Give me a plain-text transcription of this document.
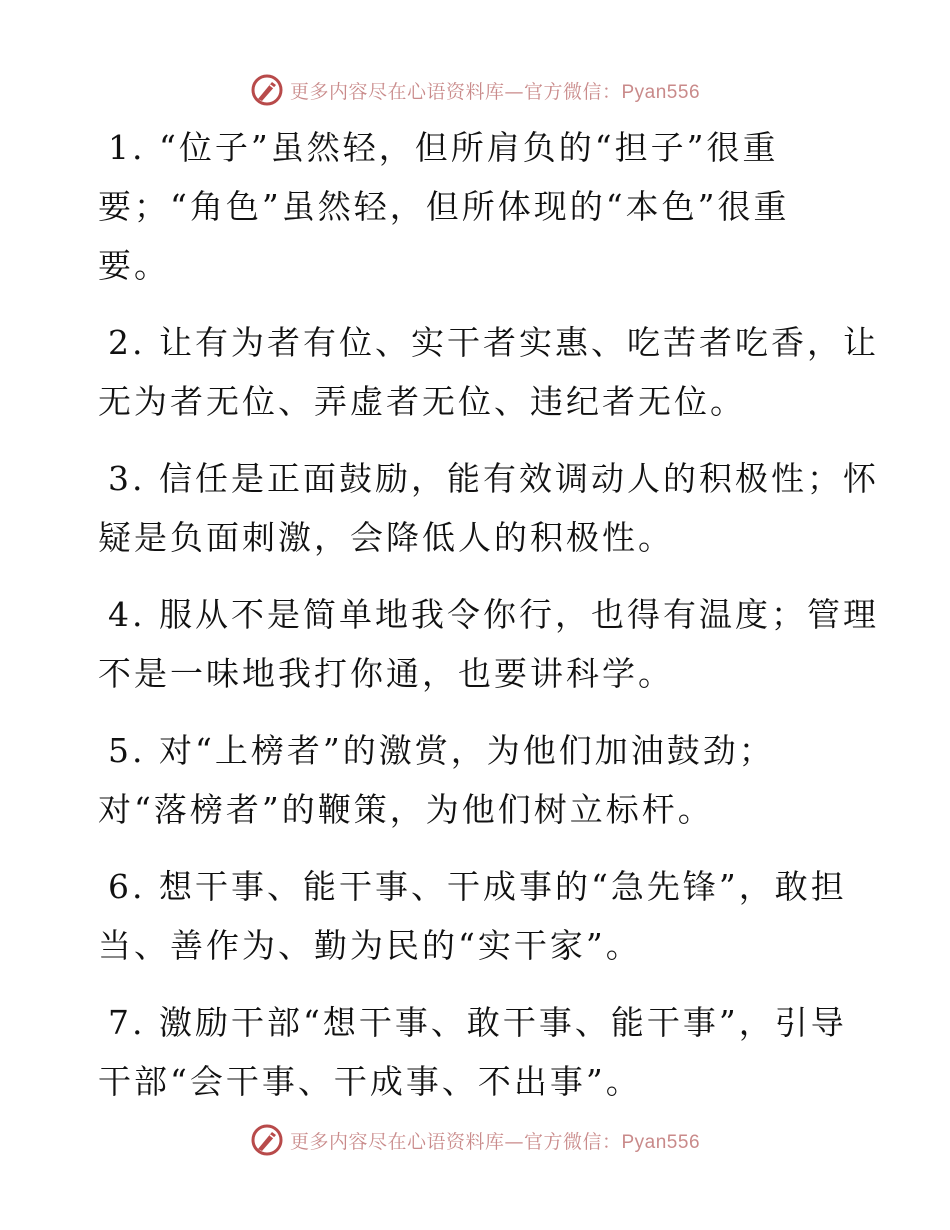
更多内容尽在心语资料库—官方微信：Pyan556
1. “位子”虽然轻，但所肩负的“担子”很重
要；“角色”虽然轻，但所体现的“本色”很重
要。
2. 让有为者有位、实干者实惠、吃苦者吃香，让
无为者无位、弄虚者无位、违纪者无位。
3. 信任是正面鼓励，能有效调动人的积极性；怀
疑是负面刺激，会降低人的积极性。
4. 服从不是简单地我令你行，也得有温度；管理
不是一味地我打你通，也要讲科学。
5. 对“上榜者”的激赏，为他们加油鼓劲；
对“落榜者”的鞭策，为他们树立标杆。
6. 想干事、能干事、干成事的“急先锋”，敢担
当、善作为、勤为民的“实干家”。
7. 激励干部“想干事、敢干事、能干事”，引导
干部“会干事、干成事、不出事”。
更多内容尽在心语资料库—官方微信：Pyan556
